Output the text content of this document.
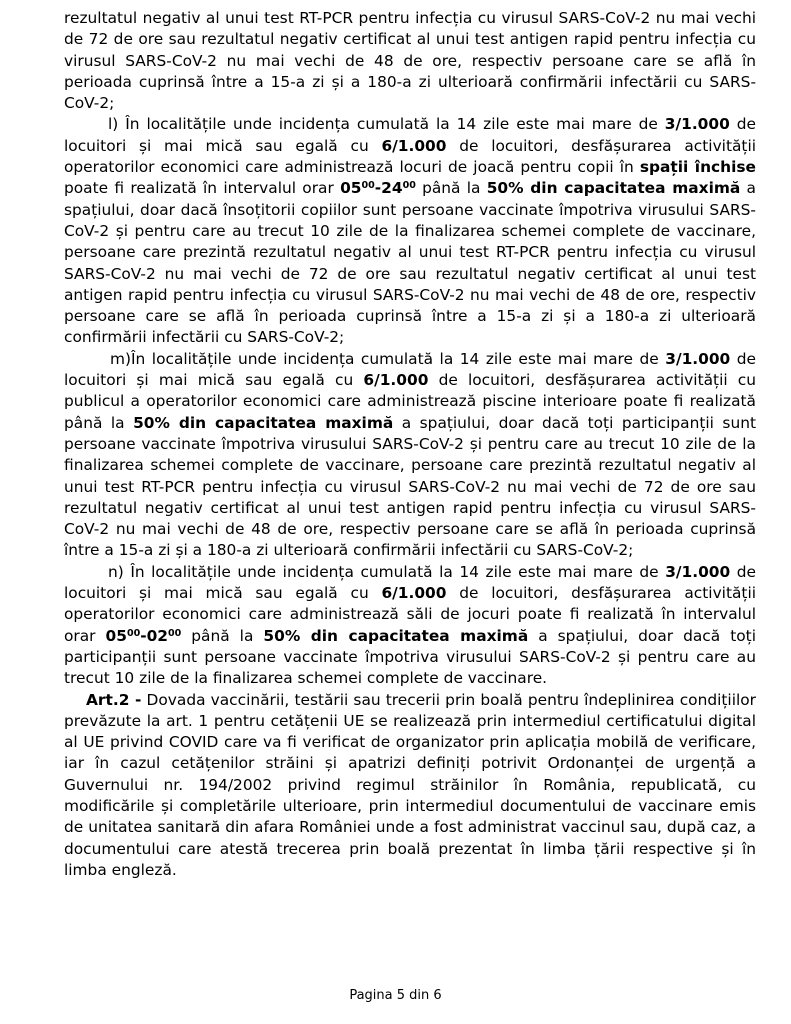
rezultatul negativ al unui test RT-PCR pentru infecția cu virusul SARS-CoV-2 nu mai vechi de 72 de ore sau rezultatul negativ certificat al unui test antigen rapid pentru infecția cu virusul SARS-CoV-2 nu mai vechi de 48 de ore, respectiv persoane care se află în perioada cuprinsă între a 15-a zi și a 180-a zi ulterioară confirmării infectării cu SARS-CoV-2;

l) În localitățile unde incidența cumulată la 14 zile este mai mare de 3/1.000 de locuitori și mai mică sau egală cu 6/1.000 de locuitori, desfășurarea activității operatorilor economici care administrează locuri de joacă pentru copii în spații închise poate fi realizată în intervalul orar $05^{00}-24^{00}$ până la 50% din capacitatea maximă a spațiului, doar dacă însoțitorii copiilor sunt persoane vaccinate împotriva virusului SARS-CoV-2 și pentru care au trecut 10 zile de la finalizarea schemei complete de vaccinare, persoane care prezintă rezultatul negativ al unui test RT-PCR pentru infecția cu virusul SARS-CoV-2 nu mai vechi de 72 de ore sau rezultatul negativ certificat al unui test antigen rapid pentru infecția cu virusul SARS-CoV-2 nu mai vechi de 48 de ore, respectiv persoane care se află în perioada cuprinsă între a 15-a zi și a 180-a zi ulterioară confirmării infectării cu SARS-CoV-2;

m)În localitățile unde incidența cumulată la 14 zile este mai mare de 3/1.000 de locuitori și mai mică sau egală cu 6/1.000 de locuitori, desfășurarea activității cu publicul a operatorilor economici care administrează piscine interioare poate fi realizată până la 50% din capacitatea maximă a spațiului, doar dacă toți participanții sunt persoane vaccinate împotriva virusului SARS-CoV-2 și pentru care au trecut 10 zile de la finalizarea schemei complete de vaccinare, persoane care prezintă rezultatul negativ al unui test RT-PCR pentru infecția cu virusul SARS-CoV-2 nu mai vechi de 72 de ore sau rezultatul negativ certificat al unui test antigen rapid pentru infecția cu virusul SARS-CoV-2 nu mai vechi de 48 de ore, respectiv persoane care se află în perioada cuprinsă între a 15-a zi și a 180-a zi ulterioară confirmării infectării cu SARS-CoV-2;

n) În localitățile unde incidența cumulată la 14 zile este mai mare de 3/1.000 de locuitori și mai mică sau egală cu 6/1.000 de locuitori, desfășurarea activității operatorilor economici care administrează săli de jocuri poate fi realizată în intervalul orar $05^{00}-02^{00}$ până la 50% din capacitatea maximă a spațiului, doar dacă toți participanții sunt persoane vaccinate împotriva virusului SARS-CoV-2 și pentru care au trecut 10 zile de la finalizarea schemei complete de vaccinare.

Art.2 - Dovada vaccinării, testării sau trecerii prin boală pentru îndeplinirea condițiilor prevăzute la art. 1 pentru cetățenii UE se realizează prin intermediul certificatului digital al UE privind COVID care va fi verificat de organizator prin aplicația mobilă de verificare, iar în cazul cetățenilor străini și apatrizi definiți potrivit Ordonanței de urgență a Guvernului nr. 194/2002 privind regimul străinilor în România, republicată, cu modificările și completările ulterioare, prin intermediul documentului de vaccinare emis de unitatea sanitară din afara României unde a fost administrat vaccinul sau, după caz, a documentului care atestă trecerea prin boală prezentat în limba țării respective și în limba engleză.

Pagina 5 din 6
